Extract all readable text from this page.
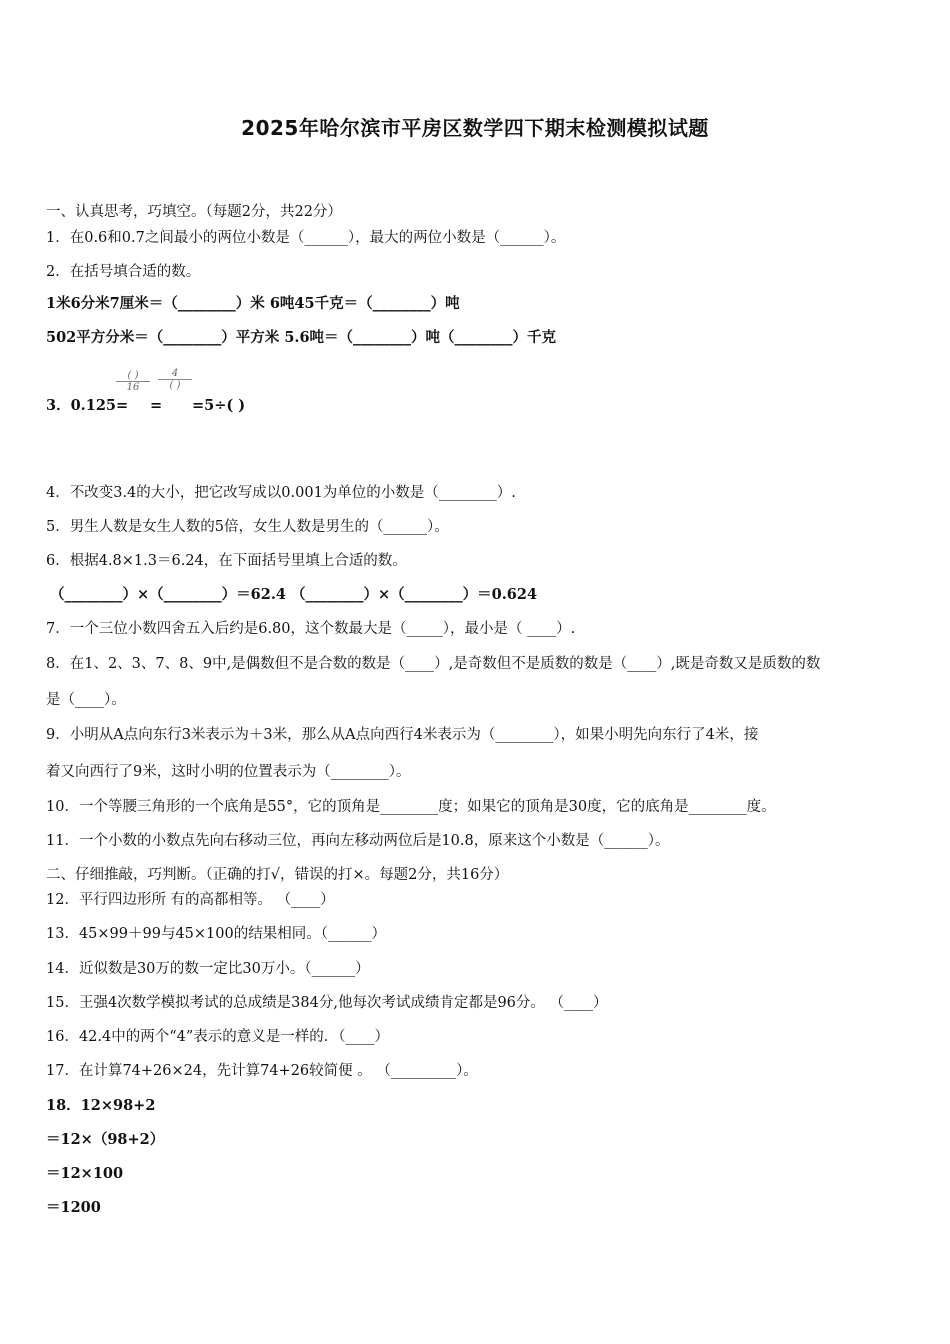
2025年哈尔滨市平房区数学四下期末检测模拟试题
一、认真思考，巧填空。（每题2分，共22分）
1．在0.6和0.7之间最小的两位小数是（______），最大的两位小数是（______）。
2．在括号填合适的数。
1米6分米7厘米＝（________）米 6吨45千克＝（________）吨
502平方分米＝（________）平方米 5.6吨＝（________）吨（________）千克
3．0.125=
( )
16
=
4
( )
=5÷( )
4．不改变3.4的大小，把它改写成以0.001为单位的小数是（________）.
5．男生人数是女生人数的5倍，女生人数是男生的（______）。
6．根据4.8×1.3＝6.24，在下面括号里填上合适的数。
（________）×（________）＝62.4 （________）×（________）＝0.624
7．一个三位小数四舍五入后约是6.80，这个数最大是（_____），最小是（ ____）.
8．在1、2、3、7、8、9中,是偶数但不是合数的数是（____）,是奇数但不是质数的数是（____）,既是奇数又是质数的数
是（____）。
9．小明从A点向东行3米表示为＋3米，那么从A点向西行4米表示为（________），如果小明先向东行了4米，接
着又向西行了9米，这时小明的位置表示为（________）。
10．一个等腰三角形的一个底角是55°，它的顶角是________度；如果它的顶角是30度，它的底角是________度。
11．一个小数的小数点先向右移动三位，再向左移动两位后是10.8，原来这个小数是（______）。
二、仔细推敲，巧判断。（正确的打√，错误的打×。每题2分，共16分）
12．平行四边形所 有的高都相等。 （____）
13．45×99＋99与45×100的结果相同。（______）
14．近似数是30万的数一定比30万小。（______）
15．王强4次数学模拟考试的总成绩是384分,他每次考试成绩肯定都是96分。 （____）
16．42.4中的两个“4”表示的意义是一样的．（____）
17．在计算74+26×24，先计算74+26较简便 。 （_________）。
18．12×98+2
＝12×（98+2）
＝12×100
＝1200
